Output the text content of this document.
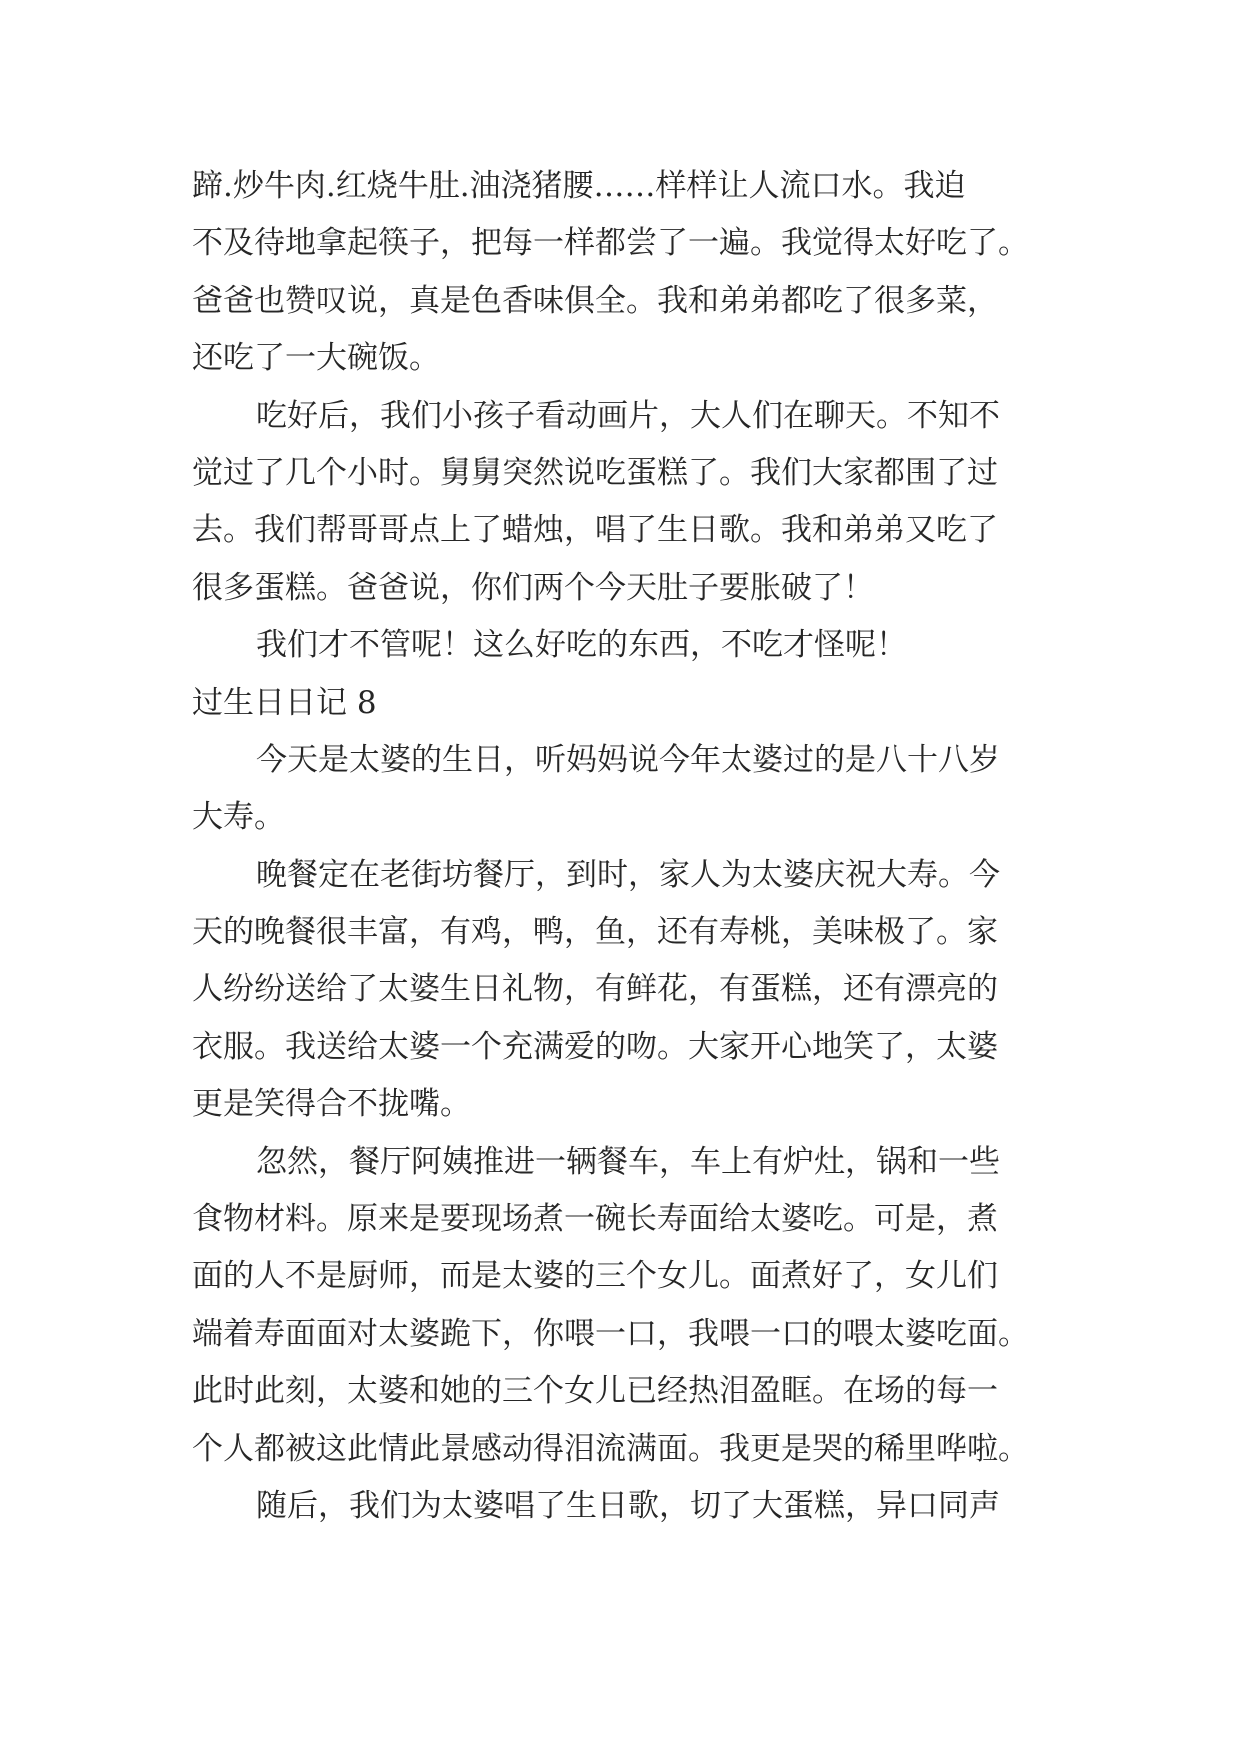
蹄.炒牛肉.红烧牛肚.油浇猪腰……样样让人流口水。我迫
不及待地拿起筷子，把每一样都尝了一遍。我觉得太好吃了。
爸爸也赞叹说，真是色香味俱全。我和弟弟都吃了很多菜，
还吃了一大碗饭。
吃好后，我们小孩子看动画片，大人们在聊天。不知不
觉过了几个小时。舅舅突然说吃蛋糕了。我们大家都围了过
去。我们帮哥哥点上了蜡烛，唱了生日歌。我和弟弟又吃了
很多蛋糕。爸爸说，你们两个今天肚子要胀破了！
我们才不管呢！这么好吃的东西，不吃才怪呢！
过生日日记 8
今天是太婆的生日，听妈妈说今年太婆过的是八十八岁
大寿。
晚餐定在老街坊餐厅，到时，家人为太婆庆祝大寿。今
天的晚餐很丰富，有鸡，鸭，鱼，还有寿桃，美味极了。家
人纷纷送给了太婆生日礼物，有鲜花，有蛋糕，还有漂亮的
衣服。我送给太婆一个充满爱的吻。大家开心地笑了，太婆
更是笑得合不拢嘴。
忽然，餐厅阿姨推进一辆餐车，车上有炉灶，锅和一些
食物材料。原来是要现场煮一碗长寿面给太婆吃。可是，煮
面的人不是厨师，而是太婆的三个女儿。面煮好了，女儿们
端着寿面面对太婆跪下，你喂一口，我喂一口的喂太婆吃面。
此时此刻，太婆和她的三个女儿已经热泪盈眶。在场的每一
个人都被这此情此景感动得泪流满面。我更是哭的稀里哗啦。
随后，我们为太婆唱了生日歌，切了大蛋糕，异口同声
